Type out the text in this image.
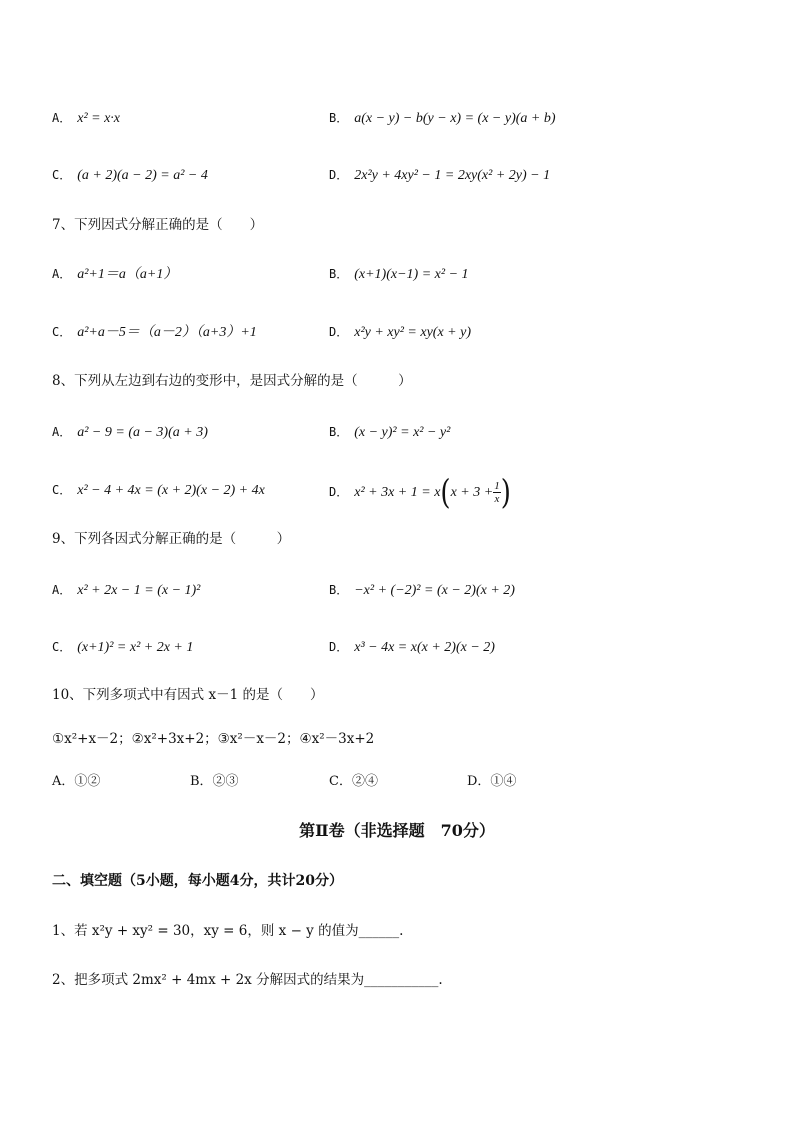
A． x² = x·x	B． a(x − y) − b(y − x) = (x − y)(a + b)
C． (a + 2)(a − 2) = a² − 4	D． 2x²y + 4xy² − 1 = 2xy(x² + 2y) − 1
7、下列因式分解正确的是（　　）
A． a²+1＝a（a+1）	B． (x+1)(x−1) = x² − 1
C． a²+a－5＝（a－2）（a+3）+1	D． x²y + xy² = xy(x + y)
8、下列从左边到右边的变形中，是因式分解的是（　　　）
A． a² − 9 = (a − 3)(a + 3)	B． (x − y)² = x² − y²
C． x² − 4 + 4x = (x + 2)(x − 2) + 4x	D． $x^2 + 3x + 1 = x(x + 3 + \frac{1}{x}$ )
9、下列各因式分解正确的是（　　　）
A． x² + 2x − 1 = (x − 1)²	B． −x² + (−2)² = (x − 2)(x + 2)
C． (x+1)² = x² + 2x + 1	D． x³ − 4x = x(x + 2)(x − 2)
10、下列多项式中有因式 x－1 的是（　　）
①x²+x－2；②x²+3x+2；③x²－x－2；④x²－3x+2
A．①②	B．②③	C．②④	D．①④
第Ⅱ卷（非选择题　70分）
二、填空题（5小题，每小题4分，共计20分）
1、若 x²y + xy² = 30，xy = 6，则 x − y 的值为______.
2、把多项式 2mx² + 4mx + 2x 分解因式的结果为___________.
